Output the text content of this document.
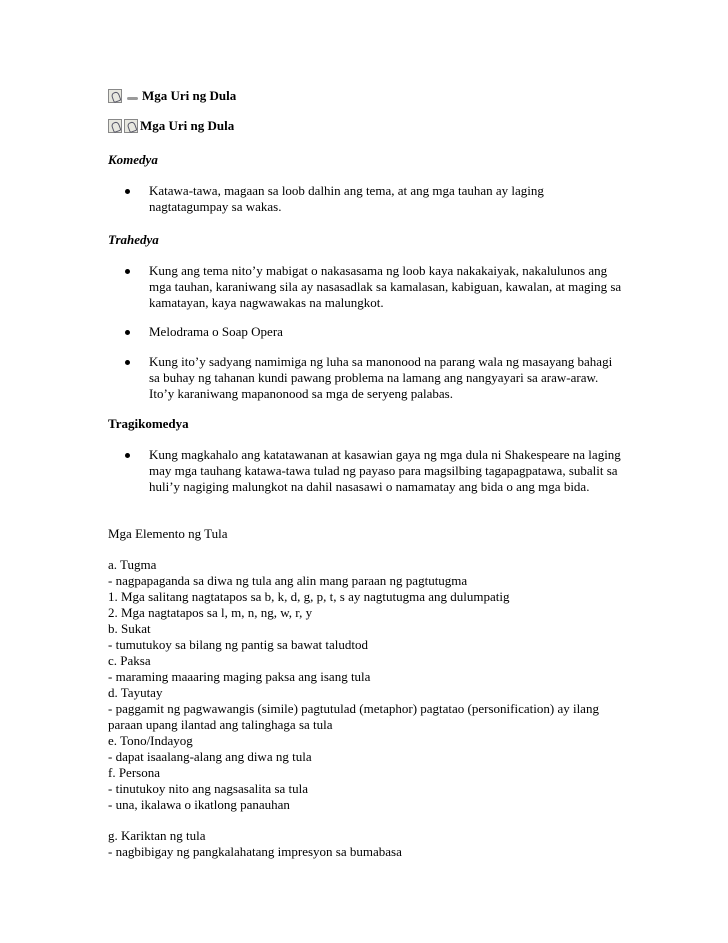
Mga Uri ng Dula
Mga Uri ng Dula
Komedya
Katawa-tawa, magaan sa loob dalhin ang tema, at ang mga tauhan ay laging nagtatagumpay sa wakas.
Trahedya
Kung ang tema nito’y mabigat o nakasasama ng loob kaya nakakaiyak, nakalulunos ang mga tauhan, karaniwang sila ay nasasadlak sa kamalasan, kabiguan, kawalan, at maging sa kamatayan, kaya nagwawakas na malungkot.
Melodrama o Soap Opera
Kung ito’y sadyang namimiga ng luha sa manonood na parang wala ng masayang bahagi sa buhay ng tahanan kundi pawang problema na lamang ang nangyayari sa araw-araw. Ito’y karaniwang mapanonood sa mga de seryeng palabas.
Tragikomedya
Kung magkahalo ang katatawanan at kasawian gaya ng mga dula ni Shakespeare na laging may mga tauhang katawa-tawa tulad ng payaso para magsilbing tagapagpatawa, subalit sa huli’y nagiging malungkot na dahil nasasawi o namamatay ang bida o ang mga bida.
Mga Elemento ng Tula
a. Tugma
- nagpapaganda sa diwa ng tula ang alin mang paraan ng pagtutugma
1. Mga salitang nagtatapos sa b, k, d, g, p, t, s ay nagtutugma ang dulumpatig
2. Mga nagtatapos sa l, m, n, ng, w, r, y
b. Sukat
- tumutukoy sa bilang ng pantig sa bawat taludtod
c. Paksa
- maraming maaaring maging paksa ang isang tula
d. Tayutay
- paggamit ng pagwawangis (simile) pagtutulad (metaphor) pagtatao (personification) ay ilang
paraan upang ilantad ang talinghaga sa tula
e. Tono/Indayog
- dapat isaalang-alang ang diwa ng tula
f. Persona
- tinutukoy nito ang nagsasalita sa tula
- una, ikalawa o ikatlong panauhan
g. Kariktan ng tula
- nagbibigay ng pangkalahatang impresyon sa bumabasa
